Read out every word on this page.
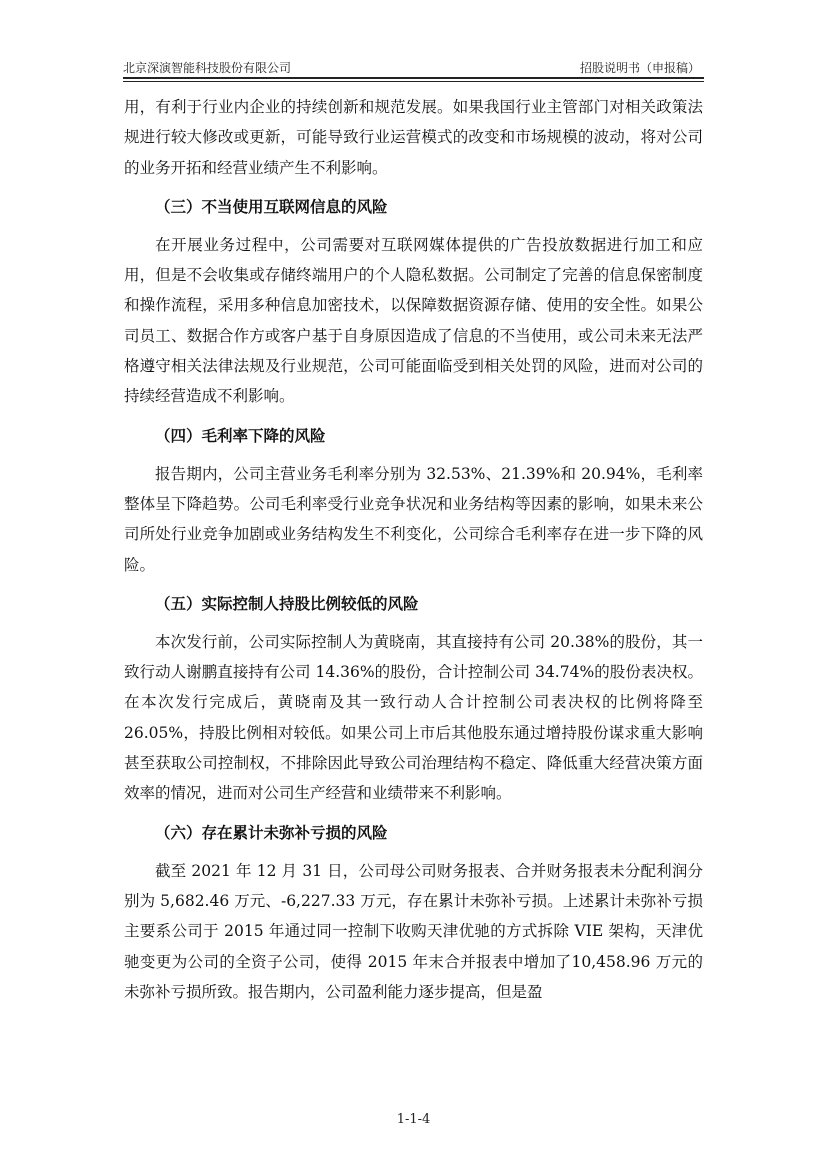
北京深演智能科技股份有限公司	招股说明书（申报稿）

用，有利于行业内企业的持续创新和规范发展。如果我国行业主管部门对相关政策法规进行较大修改或更新，可能导致行业运营模式的改变和市场规模的波动，将对公司的业务开拓和经营业绩产生不利影响。

（三）不当使用互联网信息的风险

在开展业务过程中，公司需要对互联网媒体提供的广告投放数据进行加工和应用，但是不会收集或存储终端用户的个人隐私数据。公司制定了完善的信息保密制度和操作流程，采用多种信息加密技术，以保障数据资源存储、使用的安全性。如果公司员工、数据合作方或客户基于自身原因造成了信息的不当使用，或公司未来无法严格遵守相关法律法规及行业规范，公司可能面临受到相关处罚的风险，进而对公司的持续经营造成不利影响。

（四）毛利率下降的风险

报告期内，公司主营业务毛利率分别为 32.53%、21.39%和 20.94%，毛利率整体呈下降趋势。公司毛利率受行业竞争状况和业务结构等因素的影响，如果未来公司所处行业竞争加剧或业务结构发生不利变化，公司综合毛利率存在进一步下降的风险。

（五）实际控制人持股比例较低的风险

本次发行前，公司实际控制人为黄晓南，其直接持有公司 20.38%的股份，其一致行动人谢鹏直接持有公司 14.36%的股份，合计控制公司 34.74%的股份表决权。在本次发行完成后，黄晓南及其一致行动人合计控制公司表决权的比例将降至 26.05%，持股比例相对较低。如果公司上市后其他股东通过增持股份谋求重大影响甚至获取公司控制权，不排除因此导致公司治理结构不稳定、降低重大经营决策方面效率的情况，进而对公司生产经营和业绩带来不利影响。

（六）存在累计未弥补亏损的风险

截至 2021 年 12 月 31 日，公司母公司财务报表、合并财务报表未分配利润分别为 5,682.46 万元、-6,227.33 万元，存在累计未弥补亏损。上述累计未弥补亏损主要系公司于 2015 年通过同一控制下收购天津优驰的方式拆除 VIE 架构，天津优驰变更为公司的全资子公司，使得 2015 年末合并报表中增加了10,458.96 万元的未弥补亏损所致。报告期内，公司盈利能力逐步提高，但是盈

1-1-4
